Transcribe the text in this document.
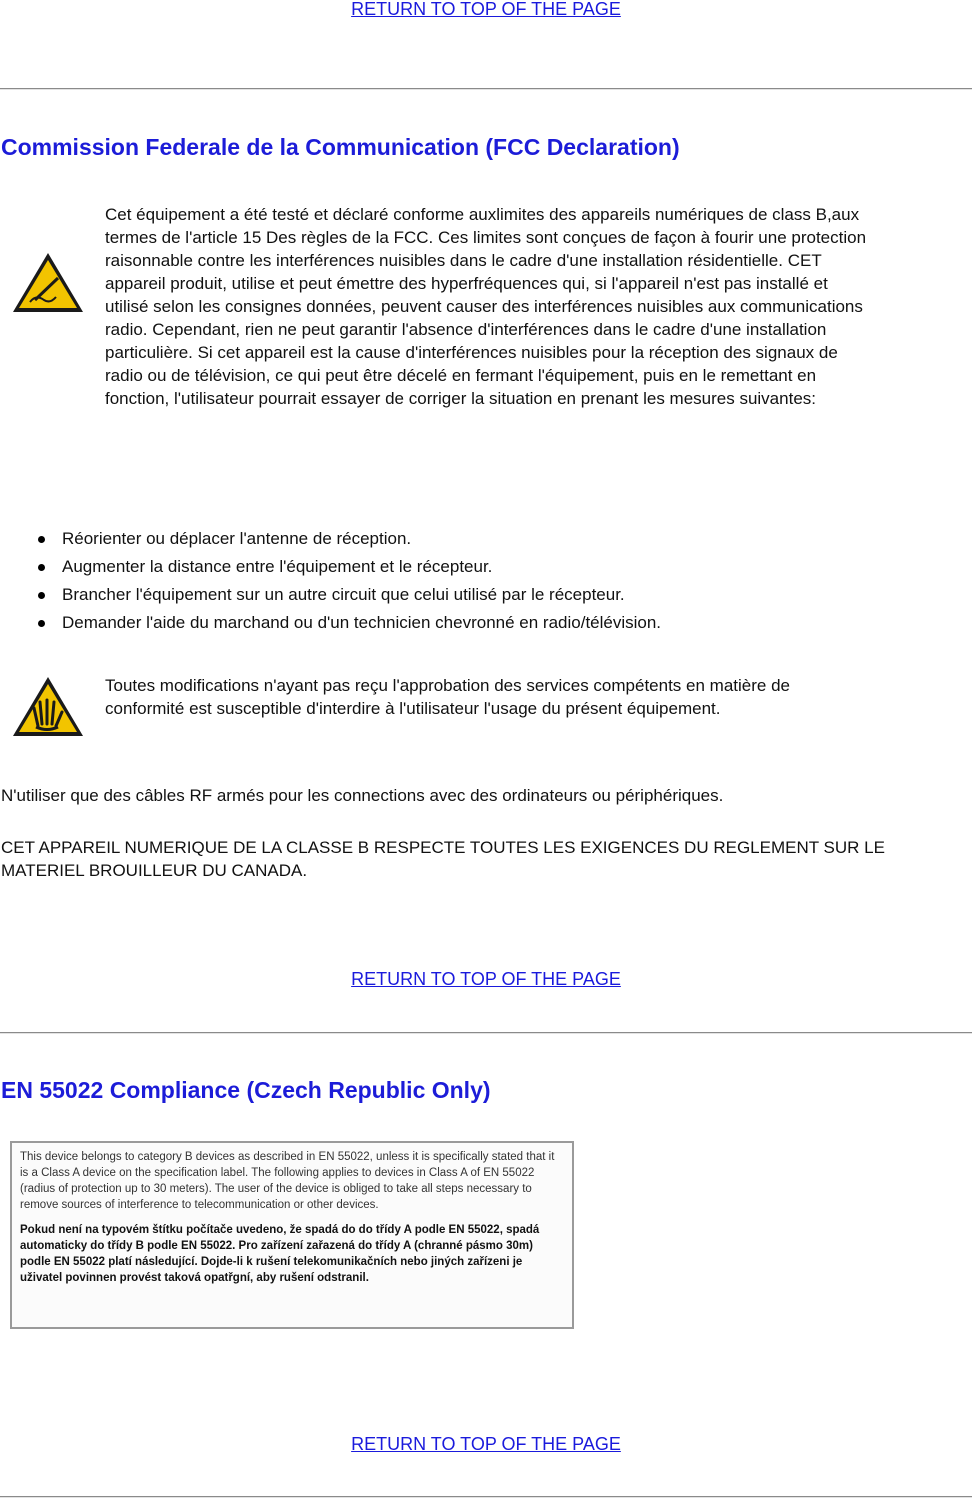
RETURN TO TOP OF THE PAGE
Commission Federale de la Communication (FCC Declaration)

Cet équipement a été testé et déclaré conforme auxlimites des appareils numériques de class B,aux termes de l'article 15 Des règles de la FCC. Ces limites sont conçues de façon à fourir une protection raisonnable contre les interférences nuisibles dans le cadre d'une installation résidentielle. CET appareil produit, utilise et peut émettre des hyperfréquences qui, si l'appareil n'est pas installé et utilisé selon les consignes données, peuvent causer des interférences nuisibles aux communications radio. Cependant, rien ne peut garantir l'absence d'interférences dans le cadre d'une installation particulière. Si cet appareil est la cause d'interférences nuisibles pour la réception des signaux de radio ou de télévision, ce qui peut être décelé en fermant l'équipement, puis en le remettant en fonction, l'utilisateur pourrait essayer de corriger la situation en prenant les mesures suivantes:

Réorienter ou déplacer l'antenne de réception.
Augmenter la distance entre l'équipement et le récepteur.
Brancher l'équipement sur un autre circuit que celui utilisé par le récepteur.
Demander l'aide du marchand ou d'un technicien chevronné en radio/télévision.

Toutes modifications n'ayant pas reçu l'approbation des services compétents en matière de conformité est susceptible d'interdire à l'utilisateur l'usage du présent équipement.

N'utiliser que des câbles RF armés pour les connections avec des ordinateurs ou périphériques.

CET APPAREIL NUMERIQUE DE LA CLASSE B RESPECTE TOUTES LES EXIGENCES DU REGLEMENT SUR LE MATERIEL BROUILLEUR DU CANADA.

RETURN TO TOP OF THE PAGE
EN 55022 Compliance (Czech Republic Only)

This device belongs to category B devices as described in EN 55022, unless it is specifically stated that it is a Class A device on the specification label. The following applies to devices in Class A of EN 55022 (radius of protection up to 30 meters). The user of the device is obliged to take all steps necessary to remove sources of interference to telecommunication or other devices.

Pokud není na typovém štítku počítače uvedeno, že spadá do do třídy A podle EN 55022, spadá automaticky do třídy B podle EN 55022. Pro zařízení zařazená do třídy A (chranné pásmo 30m) podle EN 55022 platí následující. Dojde-li k rušení telekomunikačních nebo jiných zařízeni je uživatel povinnen provést taková opatřgní, aby rušení odstranil.

RETURN TO TOP OF THE PAGE
